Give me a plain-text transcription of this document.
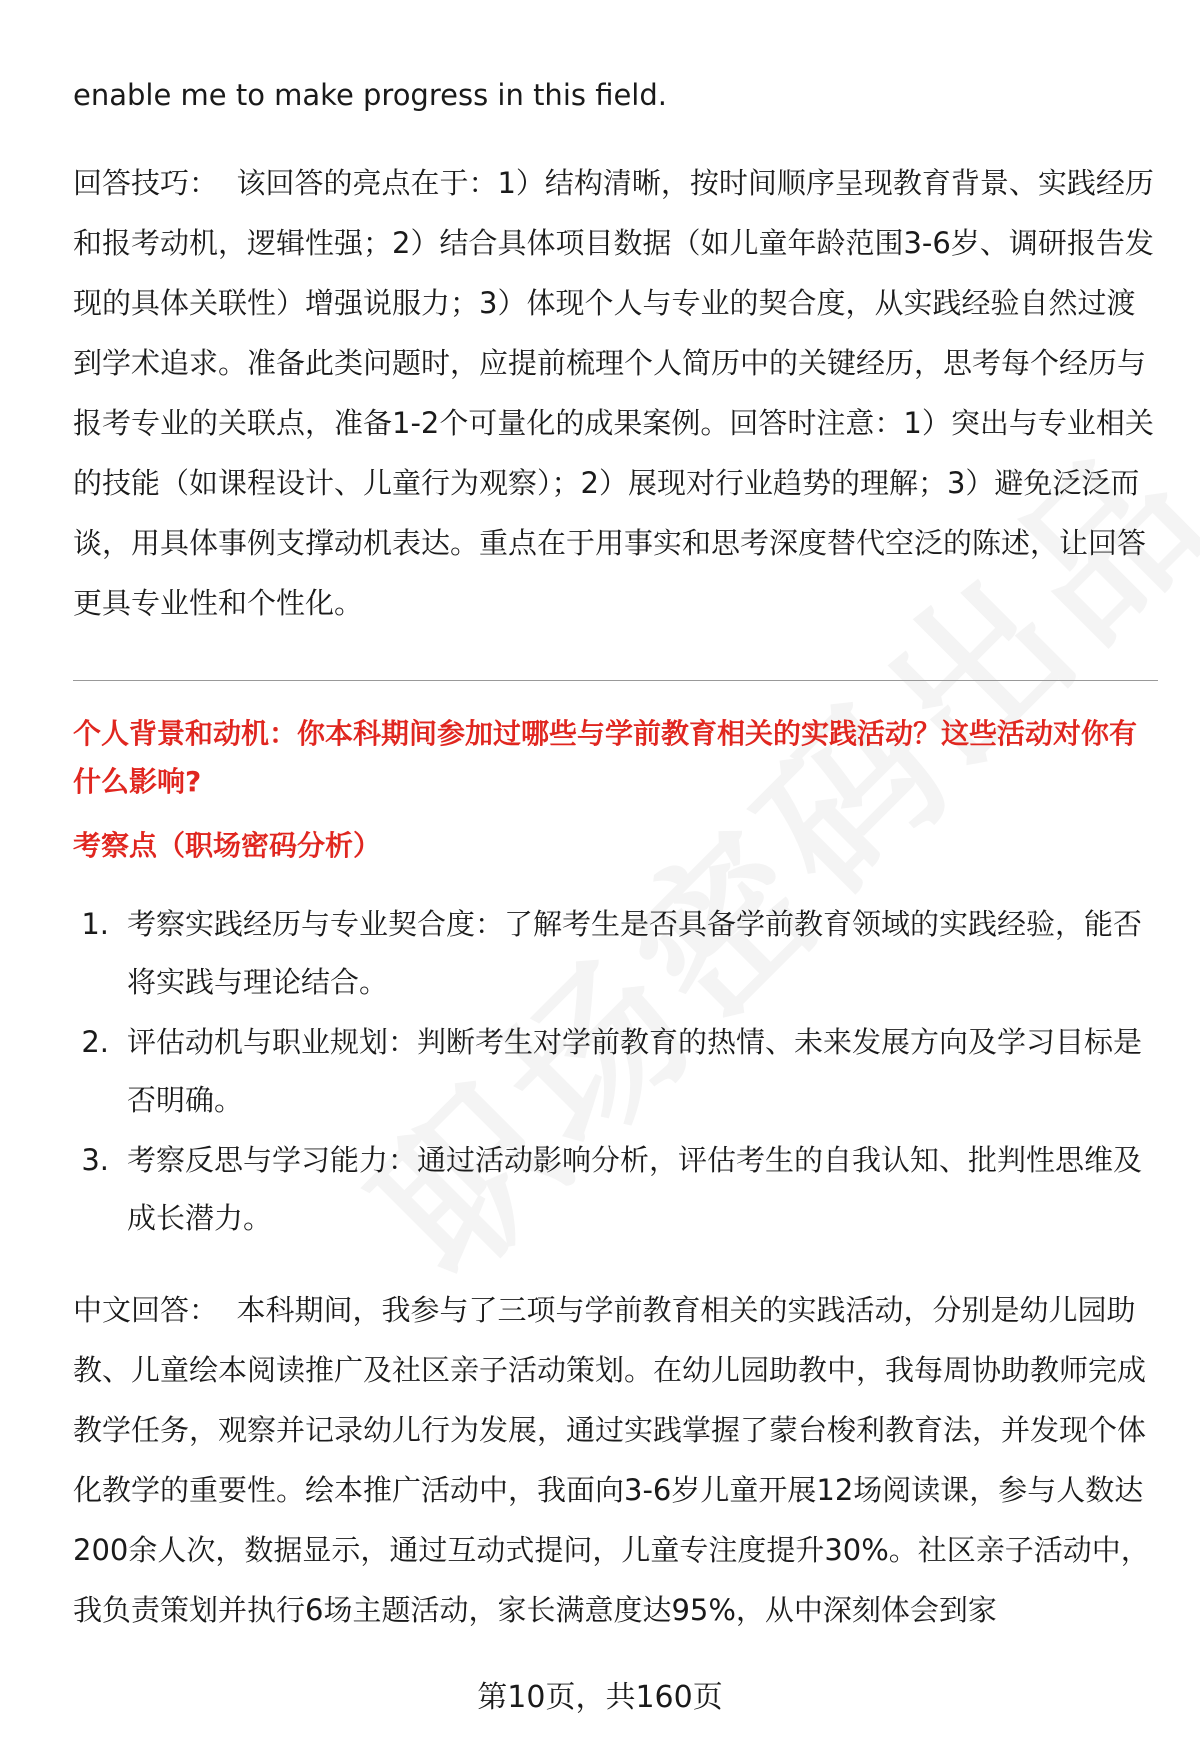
enable me to make progress in this field.

回答技巧： 该回答的亮点在于：1）结构清晰，按时间顺序呈现教育背景、实践经历和报考动机，逻辑性强；2）结合具体项目数据（如儿童年龄范围3-6岁、调研报告发现的具体关联性）增强说服力；3）体现个人与专业的契合度，从实践经验自然过渡到学术追求。准备此类问题时，应提前梳理个人简历中的关键经历，思考每个经历与报考专业的关联点，准备1-2个可量化的成果案例。回答时注意：1）突出与专业相关的技能（如课程设计、儿童行为观察）；2）展现对行业趋势的理解；3）避免泛泛而谈，用具体事例支撑动机表达。重点在于用事实和思考深度替代空泛的陈述，让回答更具专业性和个性化。

个人背景和动机：你本科期间参加过哪些与学前教育相关的实践活动？这些活动对你有什么影响?

考察点（职场密码分析）

1. 考察实践经历与专业契合度：了解考生是否具备学前教育领域的实践经验，能否将实践与理论结合。
2. 评估动机与职业规划：判断考生对学前教育的热情、未来发展方向及学习目标是否明确。
3. 考察反思与学习能力：通过活动影响分析，评估考生的自我认知、批判性思维及成长潜力。

中文回答： 本科期间，我参与了三项与学前教育相关的实践活动，分别是幼儿园助教、儿童绘本阅读推广及社区亲子活动策划。在幼儿园助教中，我每周协助教师完成教学任务，观察并记录幼儿行为发展，通过实践掌握了蒙台梭利教育法，并发现个体化教学的重要性。绘本推广活动中，我面向3-6岁儿童开展12场阅读课，参与人数达200余人次，数据显示，通过互动式提问，儿童专注度提升30%。社区亲子活动中，我负责策划并执行6场主题活动，家长满意度达95%，从中深刻体会到家

第10页，共160页
